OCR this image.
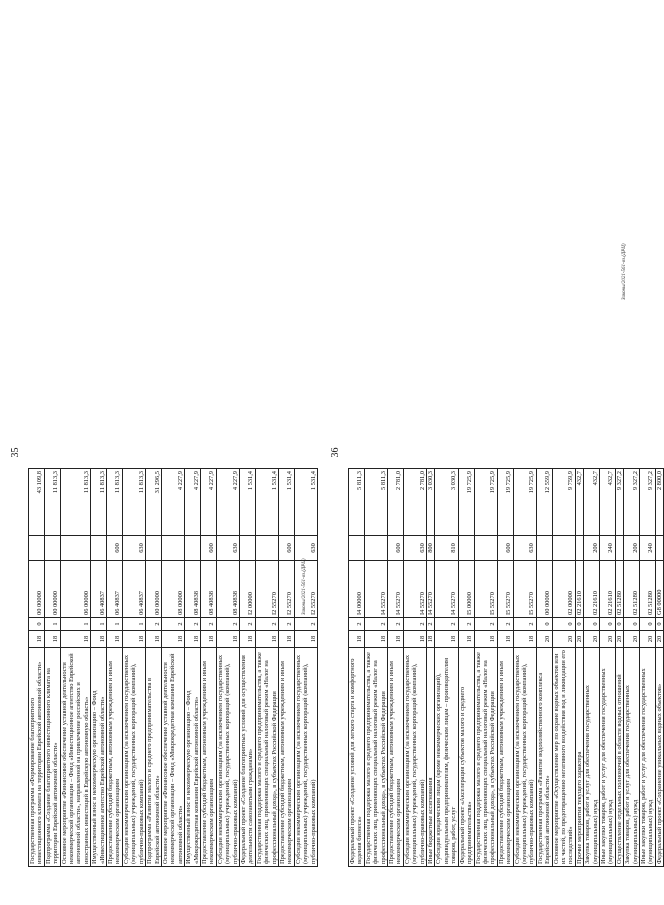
35
Государственная программа «Формирование благоприятного инвестиционного климата на территории Еврейской автономной области»	18	0	00 00000		43 109,8
Подпрограмма «Создание благоприятного инвестиционного климата на территории Еврейской автономной области»	18	1	00 00000		11 813,3
Основное мероприятие «Финансовое обеспечение уставной деятельности некоммерческой организации – Фонд «Инвестиционное агентство Еврейской автономной области», направленной на привлечение российских и иностранных инвестиций в Еврейскую автономную область»	18	1	06 00000		11 813,3
Имущественный взнос в некоммерческую организацию – Фонд «Инвестиционное агентство Еврейской автономной области»	18	1	06 40837		11 813,3
Предоставление субсидий бюджетным, автономным учреждениям и иным некоммерческим организациям	18	1	06 40837	600	11 813,3
Субсидии некоммерческим организациям (за исключением государственных (муниципальных) учреждений, государственных корпораций (компаний), публично-правовых компаний)	18	1	06 40837	630	11 813,3
Подпрограмма «Развитие малого и среднего предпринимательства в Еврейской автономной области»	18	2	00 00000		31 296,5
Основное мероприятие «Финансовое обеспечение уставной деятельности некоммерческой организации – Фонд «Микрокредитная компания Еврейской автономной области»	18	2	08 00000		4 227,9
Имущественный взнос в некоммерческую организацию – Фонд «Микрокредитная компания Еврейской автономной области»	18	2	08 40838		4 227,9
Предоставление субсидий бюджетным, автономным учреждениям и иным некоммерческим организациям	18	2	08 40838	600	4 227,9
Субсидии некоммерческим организациям (за исключением государственных (муниципальных) учреждений, государственных корпораций (компаний), публично-правовых компаний)	18	2	08 40838	630	4 227,9
Федеральный проект «Создание благоприятных условий для осуществления деятельности самозанятыми гражданами»	18	2	I2 00000		1 531,4
Государственная поддержка малого и среднего предпринимательства, а также физических лиц, применяющих специальный налоговый режим «Налог на профессиональный доход», в субъектах Российской Федерации	18	2	I2 55270		1 531,4
Предоставление субсидий бюджетным, автономным учреждениям и иным некоммерческим организациям	18	2	I2 55270	600	1 531,4
Субсидии некоммерческим организациям (за исключением государственных (муниципальных) учреждений, государственных корпораций (компаний), публично-правовых компаний)	18	2	I2 55270	630	1 531,4
Законы/2021-561-оз.(ДРЦ)
36
Федеральный проект «Создание условий для легкого старта и комфортного ведения бизнеса»	18	2	I4 00000		5 811,3
Государственная поддержка малого и среднего предпринимательства, а также физических лиц, применяющих специальный налоговый режим «Налог на профессиональный доход», в субъектах Российской Федерации	18	2	I4 55270		5 811,3
Предоставление субсидий бюджетным, автономным учреждениям и иным некоммерческим организациям	18	2	I4 55270	600	2 781,0
Субсидии некоммерческим организациям (за исключением государственных (муниципальных) учреждений, государственных корпораций (компаний), публично-правовых компаний)	18	2	I4 55270	630	2 781,0
Иные бюджетные ассигнования	18	2	I4 55270	800	3 030,3
Субсидии юридическим лицам (кроме некоммерческих организаций), индивидуальным предпринимателям, физическим лицам – производителям товаров, работ, услуг	18	2	I4 55270	810	3 030,3
Федеральный проект «Акселерация субъектов малого и среднего предпринимательства»	18	2	I5 00000		19 725,9
Государственная поддержка малого и среднего предпринимательства, а также физических лиц, применяющих специальный налоговый режим «Налог на профессиональный доход», в субъектах Российской Федерации	18	2	I5 55270		19 725,9
Предоставление субсидий бюджетным, автономным учреждениям и иным некоммерческим организациям	18	2	I5 55270	600	19 725,9
Субсидии некоммерческим организациям (за исключением государственных (муниципальных) учреждений, государственных корпораций (компаний), публично-правовых компаний)	18	2	I5 55270	630	19 725,9
Государственная программа «Развитие водохозяйственного комплекса Еврейской автономной области»	20	0	00 00000		12 559,9
Основное мероприятие «Осуществление мер по охране водных объектов или их частей, по предотвращению негативного воздействия вод и ликвидации его последствий»	20	0	02 00000		9 759,9
Прочие мероприятия текущего характера	20	0	02 21610		432,7
Закупка товаров, работ и услуг для обеспечения государственных (муниципальных) нужд	20	0	02 21610	200	432,7
Иные закупки товаров, работ и услуг для обеспечения государственных (муниципальных) нужд	20	0	02 21610	240	432,7
Осуществление отдельных полномочий в области водных отношений	20	0	02 51280		9 327,2
Закупка товаров, работ и услуг для обеспечения государственных (муниципальных) нужд	20	0	02 51280	200	9 327,2
Иные закупки товаров, работ и услуг для обеспечения государственных (муниципальных) нужд	20	0	02 51280	240	9 327,2
Федеральный проект «Сохранение уникальных водных объектов»	20	0	G8 00000		2 800,0
Законы/2021-561-оз.(ДРЦ)
